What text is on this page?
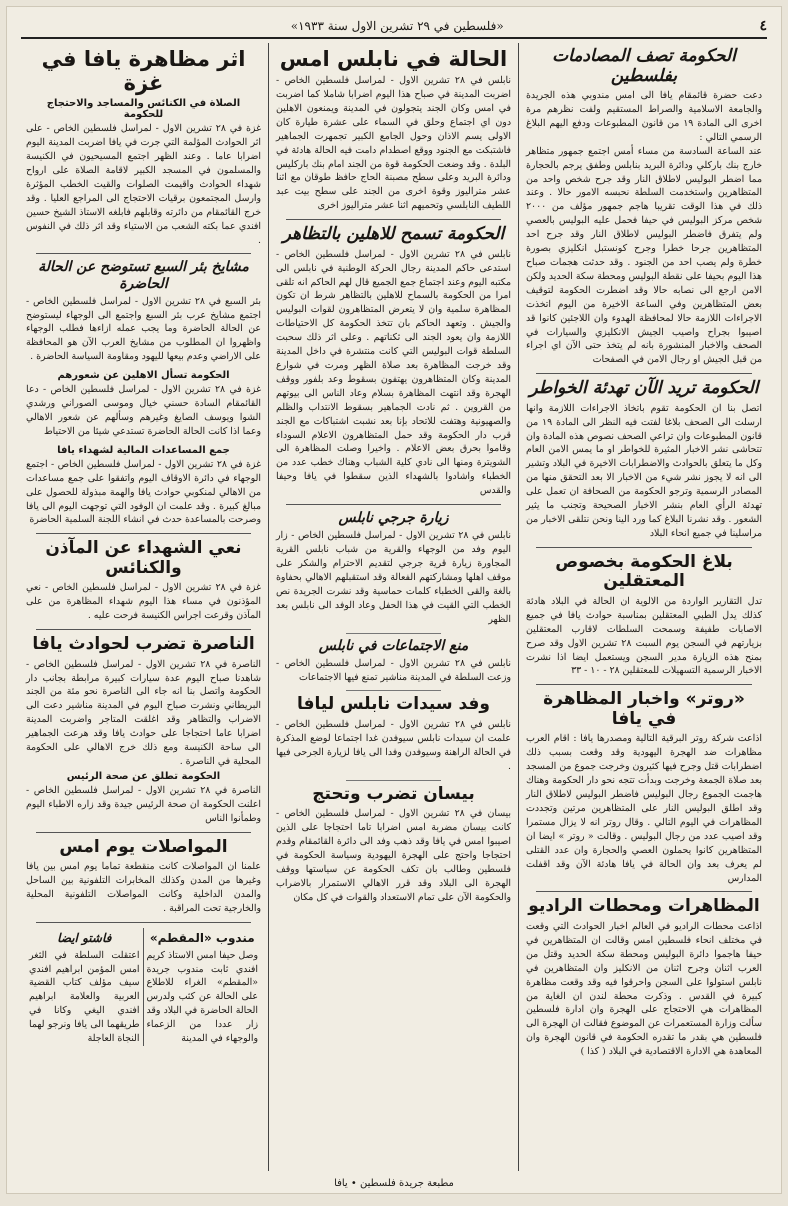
٤
«فلسطين في ٢٩ تشرين الاول سنة ١٩٣٣»
الحكومة تصف المصادمات بفلسطين

دعت حضرة قائمقام يافا الى امس مندوبي هذه الجريدة والجامعة الاسلامية والصراط المستقيم ولفت نظرهم مرة اخرى الى المادة ١٩ من قانون المطبوعات ودفع اليهم البلاغ الرسمي التالي :

عند الساعة السادسة من مساء أمس اجتمع جمهور متظاهر خارج بنك باركلي ودائرة البريد بنابلس وطفق يرجم بالحجارة مما اضطر البوليس لاطلاق النار وقد جرح شخص واحد من المتظاهرين واستخدمت السلطة نحبسه الامور حالا . وعند ذلك في هذا الوقت تقريبا هاجم جمهور مؤلف من ٢٠٠٠ شخص مركز البوليس في حيفا فحمل عليه البوليس بالعصي ولم يتفرق فاضطر البوليس لاطلاق النار وقد جرح احد المتظاهرين جرحا خطرا وجرح كونستبل انكليزي بصورة خطرة ولم يصب احد من الجنود . وقد حدثت هجمات صباح هذا اليوم بحيفا على نقطة البوليس ومحطة سكة الحديد ولكن الامن ارجع الى نصابه حالا وقد اضطرت الحكومة لتوقيف بعض المتظاهرين وفي الساعة الاخيرة من اليوم اتخذت الاجراءات اللازمة حالا لمحافظة الهدوء وان اللاجئين كانوا قد اصيبوا بجراح واصيب الجيش الانكليزي والسيارات في الصحف والاخبار المنشورة بانه لم يتخذ حتى الآن اي اجراء من قبل الجيش او رجال الامن في الصفحات

الحكومة تريد الآن تهدئة الخواطر

اتصل بنا ان الحكومة تقوم باتخاذ الاجراءات اللازمة وانها ارسلت الى الصحف بلاغا لفتت فيه النظر الى المادة ١٩ من قانون المطبوعات وان تراعي الصحف نصوص هذه المادة وان تتحاشى نشر الاخبار المثيرة للخواطر او ما يمس الامن العام وكل ما يتعلق بالحوادث والاضطرابات الاخيرة في البلاد وتشير الى انه لا يجوز نشر شيء من الاخبار الا بعد التحقق منها من المصادر الرسمية وترجو الحكومة من الصحافة ان تعمل على تهدئة الرأي العام بنشر الاخبار الصحيحة وتجنب ما يثير الشعور . وقد نشرنا البلاغ كما ورد الينا ونحن نتلقى الاخبار من مراسلينا في جميع انحاء البلاد

بلاغ الحكومة بخصوص المعتقلين

تدل التقارير الواردة من الالوية ان الحالة في البلاد هادئة كذلك يدل الطبي المعتقلين بمناسبة حوادث يافا في جميع الاصابات طفيفة وسمحت السلطات لاقارب المعتقلين بزيارتهم في السجن يوم السبت ٢٨ تشرين الاول وقد صرح بمنح هذه الزيارة مدير السجن ويستعمل ايضا اذا نشرت الاخبار الرسمية التسهيلات للمعتقلين ٢٨ - ١٠ - ٣٣

«روتر» واخبار المظاهرة في يافا

اذاعت شركة روتر البرقية التالية ومصدرها يافا : اقام العرب مظاهرات ضد الهجرة اليهودية وقد وقعت بسبب ذلك اضطرابات قتل وجرح فيها كثيرون وخرجت جموع من المسجد بعد صلاة الجمعة وخرجت وبدأت تتجه نحو دار الحكومة وهناك هاجمت الجموع رجال البوليس فاضطر البوليس لاطلاق النار وقد اطلق البوليس النار على المتظاهرين مرتين وتجددت المظاهرات في اليوم التالي . وقال روتر انه لا يزال مستمرا وقد اصيب عدد من رجال البوليس . وقالت « روتر » ايضا ان المتظاهرين كانوا يحملون العصي والحجارة وان عدد القتلى لم يعرف بعد وان الحالة في يافا هادئة الآن وقد اقفلت المدارس

المظاهرات ومحطات الراديو

اذاعت محطات الراديو في العالم اخبار الحوادث التي وقعت في مختلف انحاء فلسطين امس وقالت ان المتظاهرين في حيفا هاجموا دائرة البوليس ومحطة سكة الحديد وقتل من العرب اثنان وجرح اثنان من الانكليز وان المتظاهرين في نابلس استولوا على السجن واحرقوا فيه وقد وقعت مظاهرة كبيرة في القدس . وذكرت محطة لندن ان الغاية من المظاهرات هي الاحتجاج على الهجرة وان ادارة فلسطين سألت وزارة المستعمرات عن الموضوع فقالت ان الهجرة الى فلسطين هي بقدر ما تقدره الحكومة في قانون الهجرة وان المعاهدة هي الادارة الاقتصادية في البلاد ( كذا )

الحالة في نابلس امس

نابلس في ٢٨ تشرين الاول - لمراسل فلسطين الخاص - اضربت المدينة في صباح هذا اليوم اضرابا شاملا كما اضربت في امس وكان الجند يتجولون في المدينة ويمنعون الاهلين دون اي اجتماع وحلق في السماء على عشرة طيارة كان الاولى يسم الاذان وحول الجامع الكبير تجمهرت الجماهير فاشتبكت مع الجنود ووقع اصطدام دامت فيه الحالة هادئة في البلدة . وقد وضعت الحكومة قوة من الجند امام بنك باركليس ودائرة البريد وعلى سطح مصبنة الحاج حافظ طوقان مع اثنا عشر متراليوز وقوة اخرى من الجند على سطح بيت عبد اللطيف النابلسي وتحميهم اثنا عشر متراليوز اخرى

الحكومة تسمح للاهلين بالتظاهر

نابلس في ٢٨ تشرين الاول - لمراسل فلسطين الخاص - استدعى حاكم المدينة رجال الحركة الوطنية في نابلس الى مكتبه اليوم وعند اجتماع جمع الجميع قال لهم الحاكم انه تلقى امرا من الحكومة بالسماح للاهلين بالتظاهر شرط ان تكون المظاهرة سلمية وان لا يتعرض المتظاهرون لقوات البوليس والجيش . وتعهد الحاكم بان تتخذ الحكومة كل الاحتياطات اللازمة وان يعود الجند الى ثكناتهم . وعلى اثر ذلك سحبت السلطة قوات البوليس التي كانت منتشرة في داخل المدينة وقد خرجت المظاهرة بعد صلاة الظهر ومرت في شوارع المدينة وكان المتظاهرون يهتفون بسقوط وعد بلفور ووقف الهجرة وقد انتهت المظاهرة بسلام وعاد الناس الى بيوتهم من القروين . ثم نادت الجماهير بسقوط الانتداب والظلم والصهيونية وهتفت للاتحاد بإنا بعد نشبت اشتباكات مع الجند قرب دار الحكومة وقد حمل المتظاهرون الاعلام السوداء وقاموا بحرق بعض الاعلام . واخيرا وصلت المظاهرة الى الشويترة ومنها الى نادي كلية الشباب وهناك خطب عدد من الخطباء واشادوا بالشهداء الذين سقطوا في يافا وحيفا والقدس

زيارة جرجي نابلس

نابلس في ٢٨ تشرين الاول - لمراسل فلسطين الخاص - زار اليوم وفد من الوجهاء والقرية من شباب نابلس القرية المجاورة زيارة قرية جرجي لتقديم الاحترام والشكر على موقف اهلها ومشاركتهم الفعالة وقد استقبلهم الاهالي بحفاوة بالغة والقى الخطباء كلمات حماسية وقد نشرت الجريدة نص الخطب التي القيت في هذا الحفل وعاد الوفد الى نابلس بعد الظهر

منع الاجتماعات في نابلس

نابلس في ٢٨ تشرين الاول - لمراسل فلسطين الخاص - وزعت السلطة في المدينة مناشير تمنع فيها الاجتماعات

وفد سيدات نابلس ليافا

نابلس في ٢٨ تشرين الاول - لمراسل فلسطين الخاص - علمت ان سيدات نابلس سيوفدن غدا اجتماعا لوضع المذكرة في الحالة الراهنة وسيوفدن وفدا الى يافا لزيارة الجرحى فيها .

بيسان تضرب وتحتج

بيسان في ٢٨ تشرين الاول - لمراسل فلسطين الخاص - كانت بيسان مضربة امس اضرابا تاما احتجاجا على الذين اصيبوا امس في يافا وقد ذهب وفد الى دائرة القائمقام وقدم احتجاجا واحتج على الهجرة اليهودية وسياسة الحكومة في فلسطين وطالب بان تكف الحكومة عن سياستها ووقف الهجرة الى البلاد وقد قرر الاهالي الاستمرار بالاضراب والحكومة الآن على تمام الاستعداد والقوات في كل مكان

اثر مظاهرة يافا في غزة
الصلاة في الكنائس والمساجد والاحتجاج للحكومة

غزة في ٢٨ تشرين الاول - لمراسل فلسطين الخاص - على اثر الحوادث المؤلمة التي جرت في يافا اضربت المدينة اليوم اضرابا عاما . وعند الظهر اجتمع المسيحيون في الكنيسة والمسلمون في المسجد الكبير لاقامة الصلاة على ارواح شهداء الحوادث واقيمت الصلوات والقيت الخطب المؤثرة وارسل المجتمعون برقيات الاحتجاج الى المراجع العليا . وقد خرج القائمقام من دائرته وقابلهم فابلغه الاستاذ الشيخ حسين افندي عما بكته الشعب من الاستياء وقد اثر ذلك في النفوس .

مشايخ بئر السبع تستوضح عن الحالة الحاضرة

بئر السبع في ٢٨ تشرين الاول - لمراسل فلسطين الخاص - اجتمع مشايخ عرب بئر السبع واجتمع الى الوجهاء ليستوضح عن الحالة الحاضرة وما يجب عمله ازاءها فطلب الوجهاء واظهروا ان المطلوب من مشايخ العرب الآن هو المحافظة على الاراضي وعدم بيعها لليهود ومقاومة السياسة الحاضرة .

الحكومة تسأل الاهلين عن شعورهم

غزة في ٢٨ تشرين الاول - لمراسل فلسطين الخاص - دعا القائمقام السادة حسني خيال وموسى الصوراني ورشدي الشوا ويوسف الصايغ وغيرهم وسألهم عن شعور الاهالي وعما اذا كانت الحالة الحاضرة تستدعي شيئا من الاحتياط

جمع المساعدات المالية لشهداء يافا

غزة في ٢٨ تشرين الاول - لمراسل فلسطين الخاص - اجتمع الوجهاء في دائرة الاوقاف اليوم واتفقوا على جمع مساعدات من الاهالي لمنكوبي حوادث يافا والهمة مبذولة للحصول على مبالغ كبيرة . وقد علمت ان الوفود التي توجهت اليوم الى يافا وصرحت بالمساعدة حدث في انشاء اللجنة السلمية الحاضرة

نعي الشهداء عن المآذن والكنائس

غزة في ٢٨ تشرين الاول - لمراسل فلسطين الخاص - نعي المؤذنون في مساء هذا اليوم شهداء المظاهرة من على المآذن وقرعت اجراس الكنيسة فرحت عليه .

الناصرة تضرب لحوادث يافا

الناصرة في ٢٨ تشرين الاول - لمراسل فلسطين الخاص - شاهدنا صباح اليوم عدة سيارات كبيرة مرابطة بجانب دار الحكومة واتصل بنا انه جاء الى الناصرة نحو مئة من الجند البريطاني ونشرت صباح اليوم في المدينة مناشير دعت الى الاضراب والتظاهر وقد اغلقت المتاجر واضربت المدينة اضرابا عاما احتجاجا على حوادث يافا وقد هرعت الجماهير الى ساحة الكنيسة ومع ذلك خرج الاهالي على الحكومة المحلية في الناصرة .

الحكومة تطلق عن صحة الرئيس

الناصرة في ٢٨ تشرين الاول - لمراسل فلسطين الخاص - اعلنت الحكومة ان صحة الرئيس جيدة وقد زاره الاطباء اليوم وطمأنوا الناس

المواصلات يوم امس

علمنا ان المواصلات كانت منقطعة تماما يوم امس بين يافا وغيرها من المدن وكذلك المخابرات التلفونية بين الساحل والمدن الداخلية وكانت المواصلات التلفونية المحلية والخارجية تحت المراقبة .

مندوب «المقطم»

وصل حيفا امس الاستاذ كريم افندي ثابت مندوب جريدة «المقطم» الغراء للاطلاع على الحالة عن كثب ولدرس الحالة الحاضرة في البلاد وقد زار عددا من الزعماء والوجهاء في المدينة

فاشتو ايضا

اعتقلت السلطة في الثغر امس المؤمن ابراهيم افندي سيف مؤلف كتاب القضية العربية والعلامة ابراهيم افندي اليغي وكانا في طريقهما الى يافا ونرجو لهما النجاة العاجلة

مطبعة جريدة فلسطين • يافا
